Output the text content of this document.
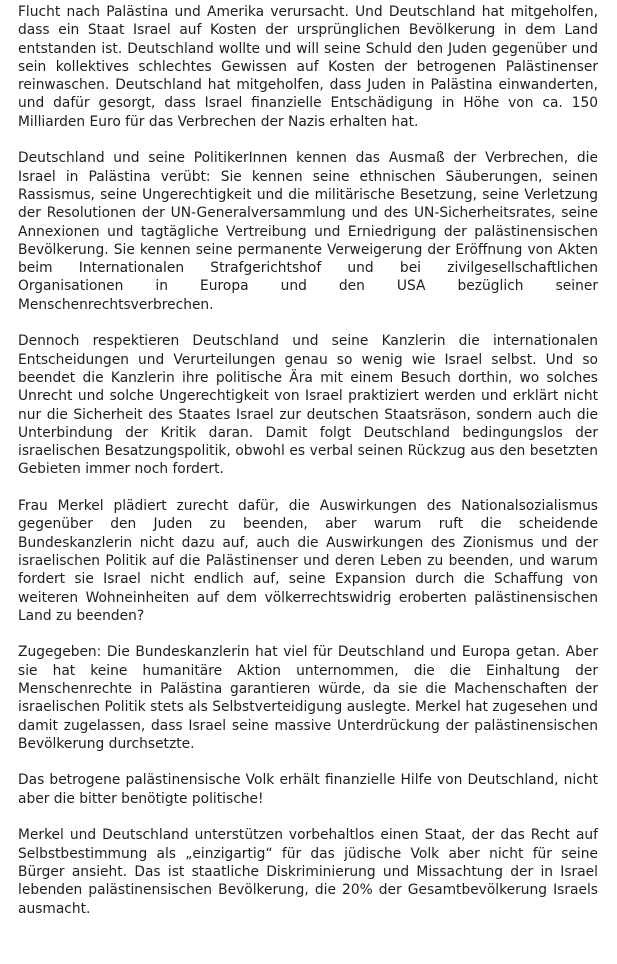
Flucht nach Palästina und Amerika verursacht. Und Deutschland hat mitgeholfen, dass ein Staat Israel auf Kosten der ursprünglichen Bevölkerung in dem Land entstanden ist. Deutschland wollte und will seine Schuld den Juden gegenüber und sein kollektives schlechtes Gewissen auf Kosten der betrogenen Palästinenser reinwaschen. Deutschland hat mitgeholfen, dass Juden in Palästina einwanderten, und dafür gesorgt, dass Israel finanzielle Entschädigung in Höhe von ca. 150 Milliarden Euro für das Verbrechen der Nazis erhalten hat.

Deutschland und seine PolitikerInnen kennen das Ausmaß der Verbrechen, die Israel in Palästina verübt: Sie kennen seine ethnischen Säuberungen, seinen Rassismus, seine Ungerechtigkeit und die militärische Besetzung, seine Verletzung der Resolutionen der UN-Generalversammlung und des UN-Sicherheitsrates, seine Annexionen und tagtägliche Vertreibung und Erniedrigung der palästinensischen Bevölkerung. Sie kennen seine permanente Verweigerung der Eröffnung von Akten beim Internationalen Strafgerichtshof und bei zivilgesellschaftlichen Organisationen in Europa und den USA bezüglich seiner Menschenrechtsverbrechen.

Dennoch respektieren Deutschland und seine Kanzlerin die internationalen Entscheidungen und Verurteilungen genau so wenig wie Israel selbst. Und so beendet die Kanzlerin ihre politische Ära mit einem Besuch dorthin, wo solches Unrecht und solche Ungerechtigkeit von Israel praktiziert werden und erklärt nicht nur die Sicherheit des Staates Israel zur deutschen Staatsräson, sondern auch die Unterbindung der Kritik daran. Damit folgt Deutschland bedingungslos der israelischen Besatzungspolitik, obwohl es verbal seinen Rückzug aus den besetzten Gebieten immer noch fordert.

Frau Merkel plädiert zurecht dafür, die Auswirkungen des Nationalsozialismus gegenüber den Juden zu beenden, aber warum ruft die scheidende Bundeskanzlerin nicht dazu auf, auch die Auswirkungen des Zionismus und der israelischen Politik auf die Palästinenser und deren Leben zu beenden, und warum fordert sie Israel nicht endlich auf, seine Expansion durch die Schaffung von weiteren Wohneinheiten auf dem völkerrechtswidrig eroberten palästinensischen Land zu beenden?

Zugegeben: Die Bundeskanzlerin hat viel für Deutschland und Europa getan. Aber sie hat keine humanitäre Aktion unternommen, die die Einhaltung der Menschenrechte in Palästina garantieren würde, da sie die Machenschaften der israelischen Politik stets als Selbstverteidigung auslegte. Merkel hat zugesehen und damit zugelassen, dass Israel seine massive Unterdrückung der palästinensischen Bevölkerung durchsetzte.

Das betrogene palästinensische Volk erhält finanzielle Hilfe von Deutschland, nicht aber die bitter benötigte politische!

Merkel und Deutschland unterstützen vorbehaltlos einen Staat, der das Recht auf Selbstbestimmung als „einzigartig“ für das jüdische Volk aber nicht für seine Bürger ansieht. Das ist staatliche Diskriminierung und Missachtung der in Israel lebenden palästinensischen Bevölkerung, die 20% der Gesamtbevölkerung Israels ausmacht.
